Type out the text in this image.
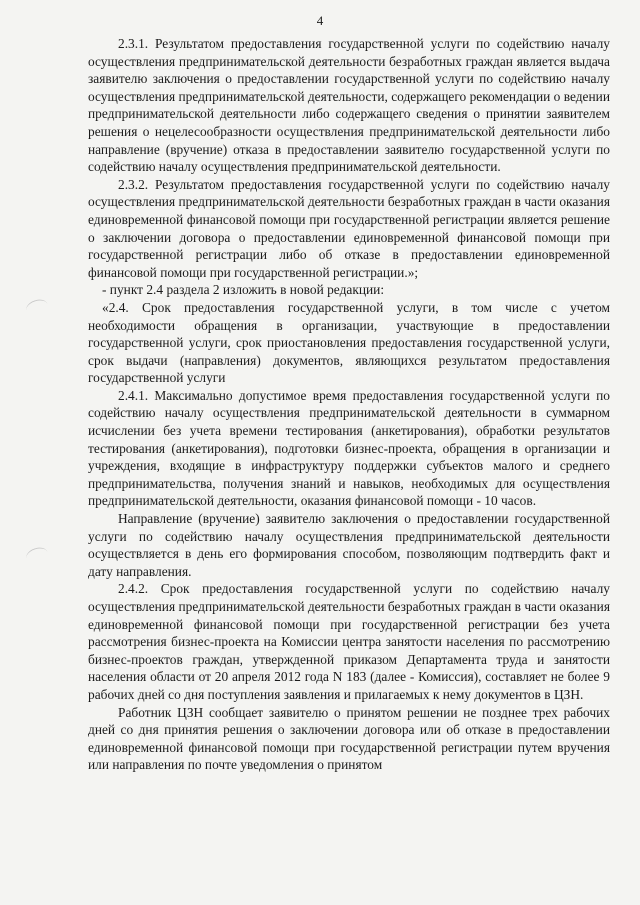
4

2.3.1. Результатом предоставления государственной услуги по содействию началу осуществления предпринимательской деятельности безработных граждан является выдача заявителю заключения о предоставлении государственной услуги по содействию началу осуществления предпринимательской деятельности, содержащего рекомендации о ведении предпринимательской деятельности либо содержащего сведения о принятии заявителем решения о нецелесообразности осуществления предпринимательской деятельности либо направление (вручение) отказа в предоставлении заявителю государственной услуги по содействию началу осуществления предпринимательской деятельности.

2.3.2. Результатом предоставления государственной услуги по содействию началу осуществления предпринимательской деятельности безработных граждан в части оказания единовременной финансовой помощи при государственной регистрации является решение о заключении договора о предоставлении единовременной финансовой помощи при государственной регистрации либо об отказе в предоставлении единовременной финансовой помощи при государственной регистрации.»;

- пункт 2.4 раздела 2 изложить в новой редакции:

«2.4. Срок предоставления государственной услуги, в том числе с учетом необходимости обращения в организации, участвующие в предоставлении государственной услуги, срок приостановления предоставления государственной услуги, срок выдачи (направления) документов, являющихся результатом предоставления государственной услуги

2.4.1. Максимально допустимое время предоставления государственной услуги по содействию началу осуществления предпринимательской деятельности в суммарном исчислении без учета времени тестирования (анкетирования), обработки результатов тестирования (анкетирования), подготовки бизнес-проекта, обращения в организации и учреждения, входящие в инфраструктуру поддержки субъектов малого и среднего предпринимательства, получения знаний и навыков, необходимых для осуществления предпринимательской деятельности, оказания финансовой помощи - 10 часов.

Направление (вручение) заявителю заключения о предоставлении государственной услуги по содействию началу осуществления предпринимательской деятельности осуществляется в день его формирования способом, позволяющим подтвердить факт и дату направления.

2.4.2. Срок предоставления государственной услуги по содействию началу осуществления предпринимательской деятельности безработных граждан в части оказания единовременной финансовой помощи при государственной регистрации без учета рассмотрения бизнес-проекта на Комиссии центра занятости населения по рассмотрению бизнес-проектов граждан, утвержденной приказом Департамента труда и занятости населения области от 20 апреля 2012 года N 183 (далее - Комиссия), составляет не более 9 рабочих дней со дня поступления заявления и прилагаемых к нему документов в ЦЗН.

Работник ЦЗН сообщает заявителю о принятом решении не позднее трех рабочих дней со дня принятия решения о заключении договора или об отказе в предоставлении единовременной финансовой помощи при государственной регистрации путем вручения или направления по почте уведомления о принятом
